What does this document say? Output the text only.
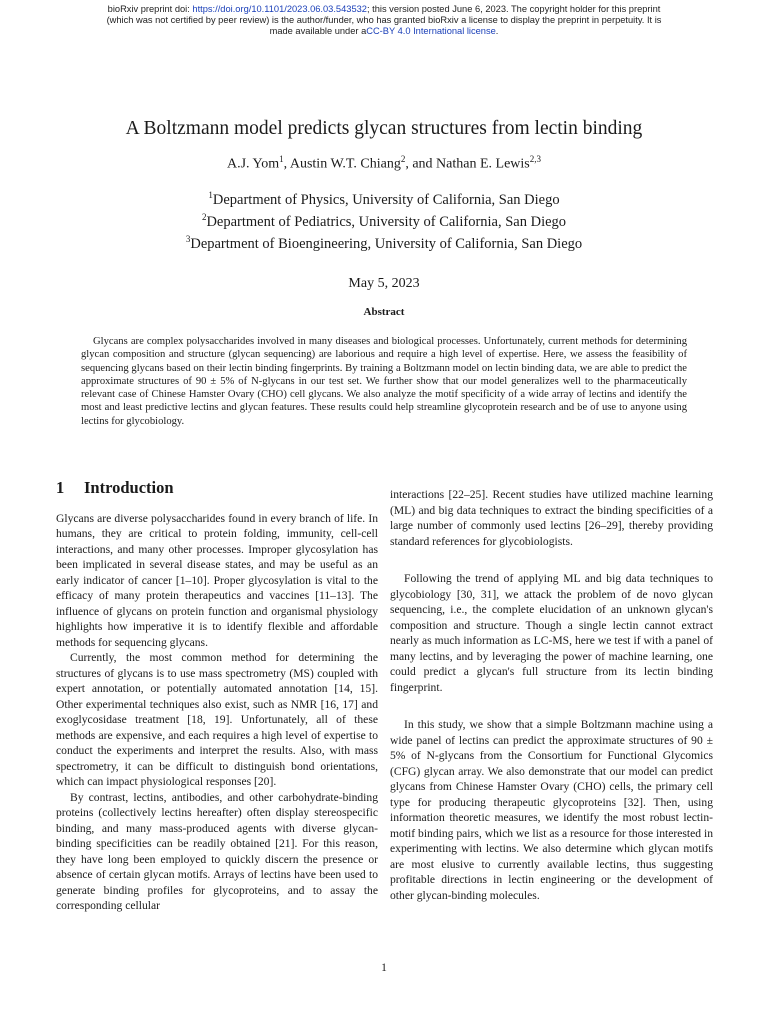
bioRxiv preprint doi: https://doi.org/10.1101/2023.06.03.543532; this version posted June 6, 2023. The copyright holder for this preprint
(which was not certified by peer review) is the author/funder, who has granted bioRxiv a license to display the preprint in perpetuity. It is
made available under aCC-BY 4.0 International license.
A Boltzmann model predicts glycan structures from lectin binding
A.J. Yom$^1$, Austin W.T. Chiang$^2$, and Nathan E. Lewis$^{2,3}$
$^1$Department of Physics, University of California, San Diego
$^2$Department of Pediatrics, University of California, San Diego
$^3$Department of Bioengineering, University of California, San Diego
May 5, 2023
Abstract

Glycans are complex polysaccharides involved in many diseases and biological processes. Unfortunately, current methods for determining glycan composition and structure (glycan sequencing) are laborious and require a high level of expertise. Here, we assess the feasibility of sequencing glycans based on their lectin binding fingerprints. By training a Boltzmann model on lectin binding data, we are able to predict the approximate structures of 90 ± 5% of N-glycans in our test set. We further show that our model generalizes well to the pharmaceutically relevant case of Chinese Hamster Ovary (CHO) cell glycans. We also analyze the motif specificity of a wide array of lectins and identify the most and least predictive lectins and glycan features. These results could help streamline glycoprotein research and be of use to anyone using lectins for glycobiology.

1 Introduction

Glycans are diverse polysaccharides found in every branch of life. In humans, they are critical to protein folding, immunity, cell-cell interactions, and many other processes. Improper glycosylation has been implicated in several disease states, and may be useful as an early indicator of cancer [1–10]. Proper glycosylation is vital to the efficacy of many protein therapeutics and vaccines [11–13]. The influence of glycans on protein function and organismal physiology highlights how imperative it is to identify flexible and affordable methods for sequencing glycans.

Currently, the most common method for determining the structures of glycans is to use mass spectrometry (MS) coupled with expert annotation, or potentially automated annotation [14, 15]. Other experimental techniques also exist, such as NMR [16, 17] and exoglycosidase treatment [18, 19]. Unfortunately, all of these methods are expensive, and each requires a high level of expertise to conduct the experiments and interpret the results. Also, with mass spectrometry, it can be difficult to distinguish bond orientations, which can impact physiological responses [20].

By contrast, lectins, antibodies, and other carbohydrate-binding proteins (collectively lectins hereafter) often display stereospecific binding, and many mass-produced agents with diverse glycan-binding specificities can be readily obtained [21]. For this reason, they have long been employed to quickly discern the presence or absence of certain glycan motifs. Arrays of lectins have been used to generate binding profiles for glycoproteins, and to assay the corresponding cellular

interactions [22–25]. Recent studies have utilized machine learning (ML) and big data techniques to extract the binding specificities of a large number of commonly used lectins [26–29], thereby providing standard references for glycobiologists.

Following the trend of applying ML and big data techniques to glycobiology [30, 31], we attack the problem of de novo glycan sequencing, i.e., the complete elucidation of an unknown glycan's composition and structure. Though a single lectin cannot extract nearly as much information as LC-MS, here we test if with a panel of many lectins, and by leveraging the power of machine learning, one could predict a glycan's full structure from its lectin binding fingerprint.

In this study, we show that a simple Boltzmann machine using a wide panel of lectins can predict the approximate structures of 90 ± 5% of N-glycans from the Consortium for Functional Glycomics (CFG) glycan array. We also demonstrate that our model can predict glycans from Chinese Hamster Ovary (CHO) cells, the primary cell type for producing therapeutic glycoproteins [32]. Then, using information theoretic measures, we identify the most robust lectin-motif binding pairs, which we list as a resource for those interested in experimenting with lectins. We also determine which glycan motifs are most elusive to currently available lectins, thus suggesting profitable directions in lectin engineering or the development of other glycan-binding molecules.

1
